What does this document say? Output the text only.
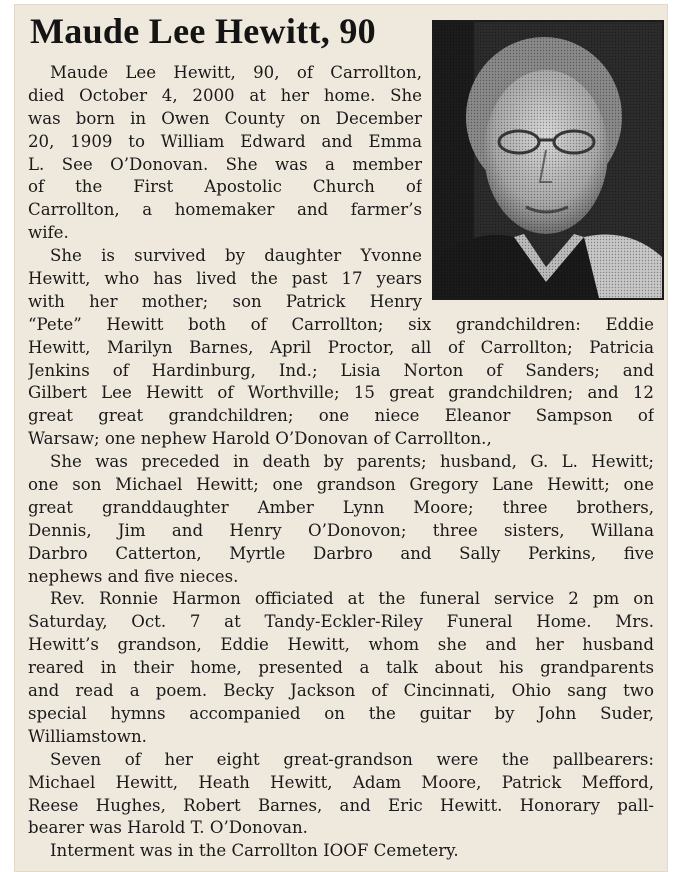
Maude Lee Hewitt, 90
Maude Lee Hewitt, 90, of Carrollton,
died October 4, 2000 at her home. She
was born in Owen County on December
20, 1909 to William Edward and Emma
L. See O’Donovan. She was a member
of the First Apostolic Church of
Carrollton, a homemaker and farmer’s
wife.
She is survived by daughter Yvonne
Hewitt, who has lived the past 17 years
with her mother; son Patrick Henry
“Pete” Hewitt both of Carrollton; six grandchildren: Eddie
Hewitt, Marilyn Barnes, April Proctor, all of Carrollton; Patricia
Jenkins of Hardinburg, Ind.; Lisia Norton of Sanders; and
Gilbert Lee Hewitt of Worthville; 15 great grandchildren; and 12
great great grandchildren; one niece Eleanor Sampson of
Warsaw; one nephew Harold O’Donovan of Carrollton.,
She was preceded in death by parents; husband, G. L. Hewitt;
one son Michael Hewitt; one grandson Gregory Lane Hewitt; one
great granddaughter Amber Lynn Moore; three brothers,
Dennis, Jim and Henry O’Donovon; three sisters, Willana
Darbro Catterton, Myrtle Darbro and Sally Perkins, five
nephews and five nieces.
Rev. Ronnie Harmon officiated at the funeral service 2 pm on
Saturday, Oct. 7 at Tandy-Eckler-Riley Funeral Home. Mrs.
Hewitt’s grandson, Eddie Hewitt, whom she and her husband
reared in their home, presented a talk about his grandparents
and read a poem. Becky Jackson of Cincinnati, Ohio sang two
special hymns accompanied on the guitar by John Suder,
Williamstown.
Seven of her eight great-grandson were the pallbearers:
Michael Hewitt, Heath Hewitt, Adam Moore, Patrick Mefford,
Reese Hughes, Robert Barnes, and Eric Hewitt. Honorary pall-
bearer was Harold T. O’Donovan.
Interment was in the Carrollton IOOF Cemetery.
